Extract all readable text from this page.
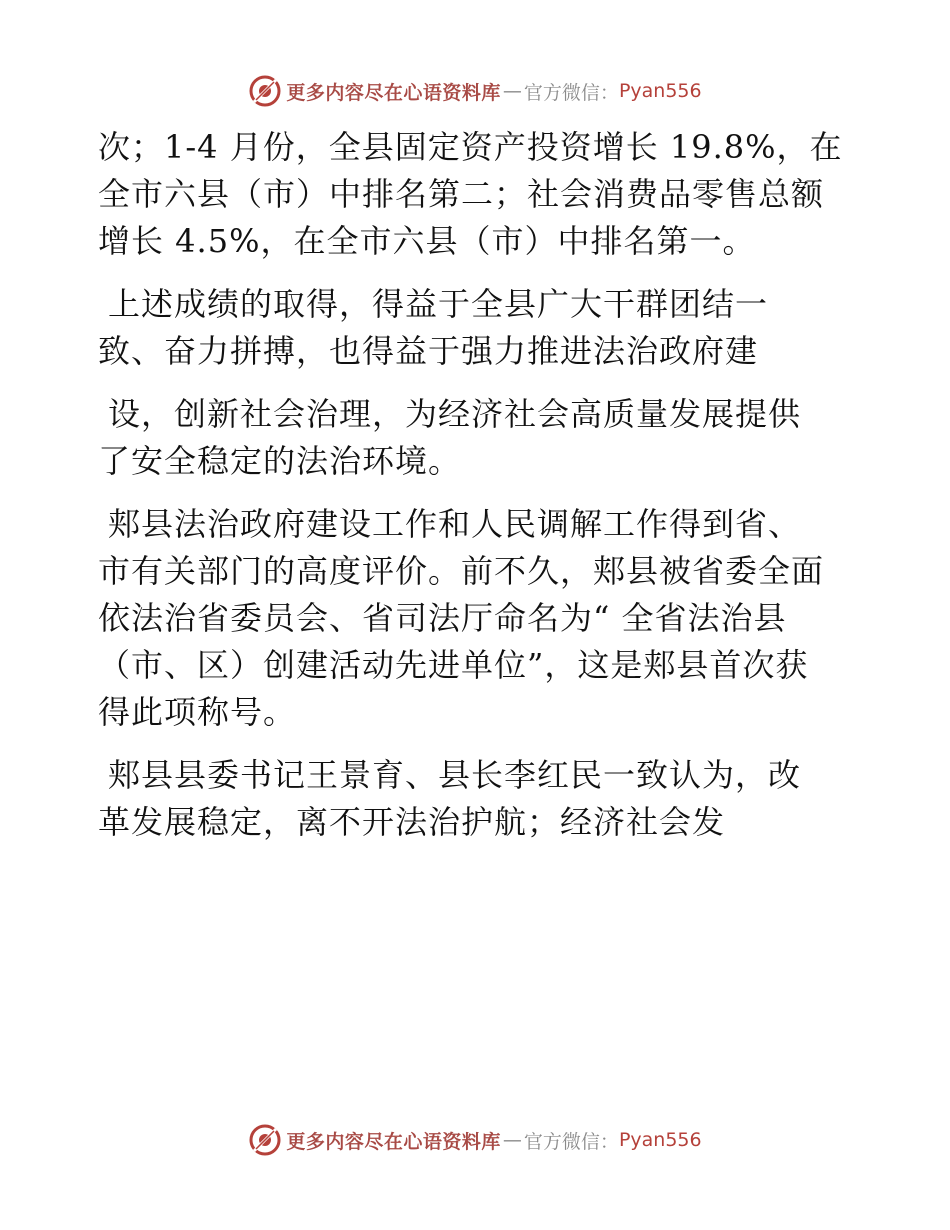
更多内容尽在心语资料库 — 官方微信： Pyan556
次；1-4 月份，全县固定资产投资增长 19.8%，在
全市六县（市）中排名第二；社会消费品零售总额
增长 4.5%，在全市六县（市）中排名第一。
上述成绩的取得，得益于全县广大干群团结一
致、奋力拼搏，也得益于强力推进法治政府建
设，创新社会治理，为经济社会高质量发展提供
了安全稳定的法治环境。
郏县法治政府建设工作和人民调解工作得到省、
市有关部门的高度评价。前不久，郏县被省委全面
依法治省委员会、省司法厅命名为“ 全省法治县
（市、区）创建活动先进单位”，这是郏县首次获
得此项称号。
郏县县委书记王景育、县长李红民一致认为，改
革发展稳定，离不开法治护航；经济社会发
更多内容尽在心语资料库 — 官方微信： Pyan556
